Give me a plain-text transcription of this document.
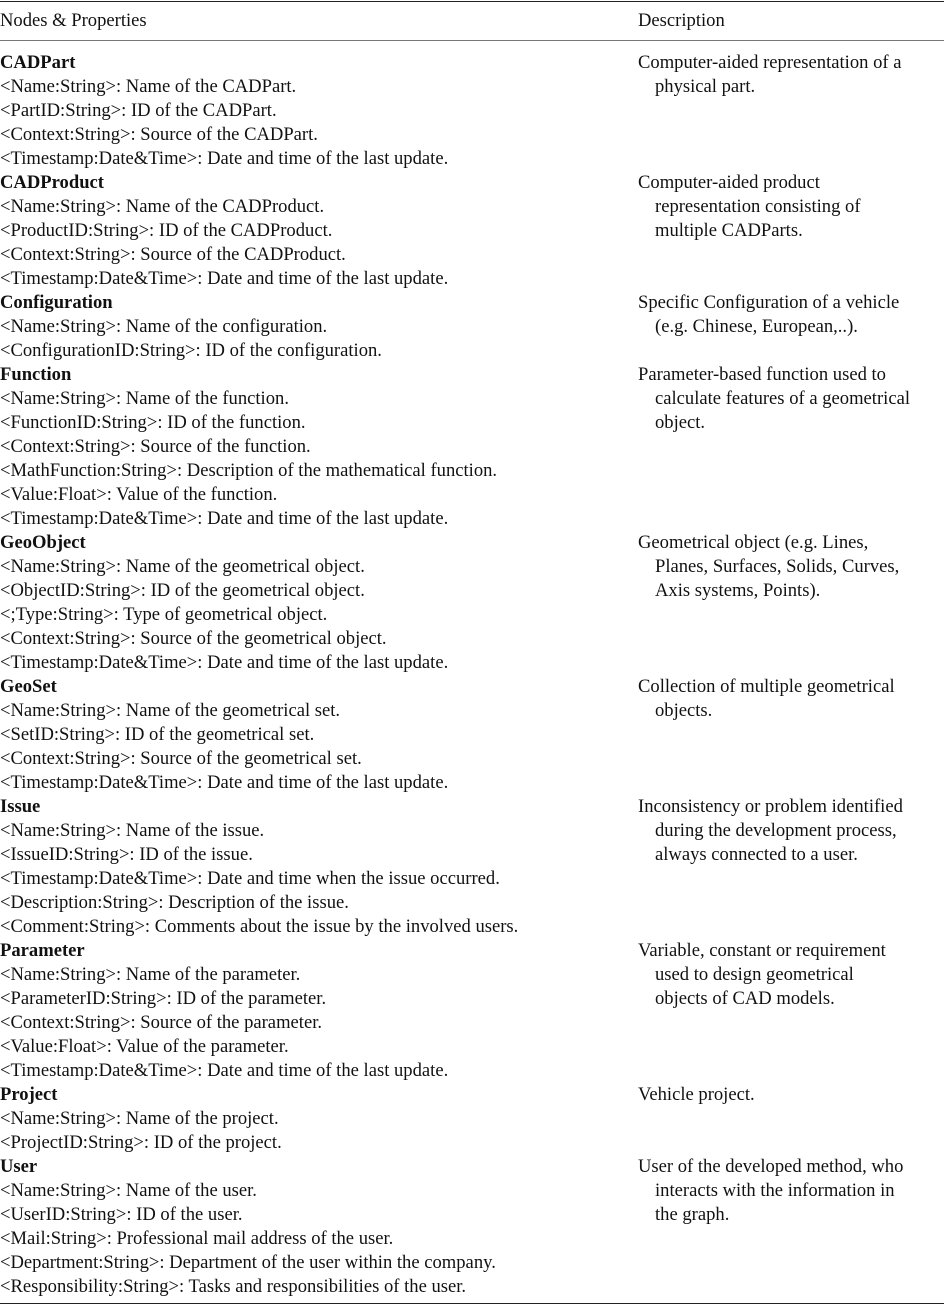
Nodes & Properties	Description
CADPart
<Name:String>: Name of the CADPart.
<PartID:String>: ID of the CADPart.
<Context:String>: Source of the CADPart.
<Timestamp:Date&Time>: Date and time of the last update.
Computer-aided representation of a
physical part.
CADProduct
<Name:String>: Name of the CADProduct.
<ProductID:String>: ID of the CADProduct.
<Context:String>: Source of the CADProduct.
<Timestamp:Date&Time>: Date and time of the last update.
Computer-aided product
representation consisting of
multiple CADParts.
Configuration
<Name:String>: Name of the configuration.
<ConfigurationID:String>: ID of the configuration.
Specific Configuration of a vehicle
(e.g. Chinese, European,..).
Function
<Name:String>: Name of the function.
<FunctionID:String>: ID of the function.
<Context:String>: Source of the function.
<MathFunction:String>: Description of the mathematical function.
<Value:Float>: Value of the function.
<Timestamp:Date&Time>: Date and time of the last update.
Parameter-based function used to
calculate features of a geometrical
object.
GeoObject
<Name:String>: Name of the geometrical object.
<ObjectID:String>: ID of the geometrical object.
<;Type:String>: Type of geometrical object.
<Context:String>: Source of the geometrical object.
<Timestamp:Date&Time>: Date and time of the last update.
Geometrical object (e.g. Lines,
Planes, Surfaces, Solids, Curves,
Axis systems, Points).
GeoSet
<Name:String>: Name of the geometrical set.
<SetID:String>: ID of the geometrical set.
<Context:String>: Source of the geometrical set.
<Timestamp:Date&Time>: Date and time of the last update.
Collection of multiple geometrical
objects.
Issue
<Name:String>: Name of the issue.
<IssueID:String>: ID of the issue.
<Timestamp:Date&Time>: Date and time when the issue occurred.
<Description:String>: Description of the issue.
<Comment:String>: Comments about the issue by the involved users.
Inconsistency or problem identified
during the development process,
always connected to a user.
Parameter
<Name:String>: Name of the parameter.
<ParameterID:String>: ID of the parameter.
<Context:String>: Source of the parameter.
<Value:Float>: Value of the parameter.
<Timestamp:Date&Time>: Date and time of the last update.
Variable, constant or requirement
used to design geometrical
objects of CAD models.
Project
<Name:String>: Name of the project.
<ProjectID:String>: ID of the project.
Vehicle project.
User
<Name:String>: Name of the user.
<UserID:String>: ID of the user.
<Mail:String>: Professional mail address of the user.
<Department:String>: Department of the user within the company.
<Responsibility:String>: Tasks and responsibilities of the user.
User of the developed method, who
interacts with the information in
the graph.
